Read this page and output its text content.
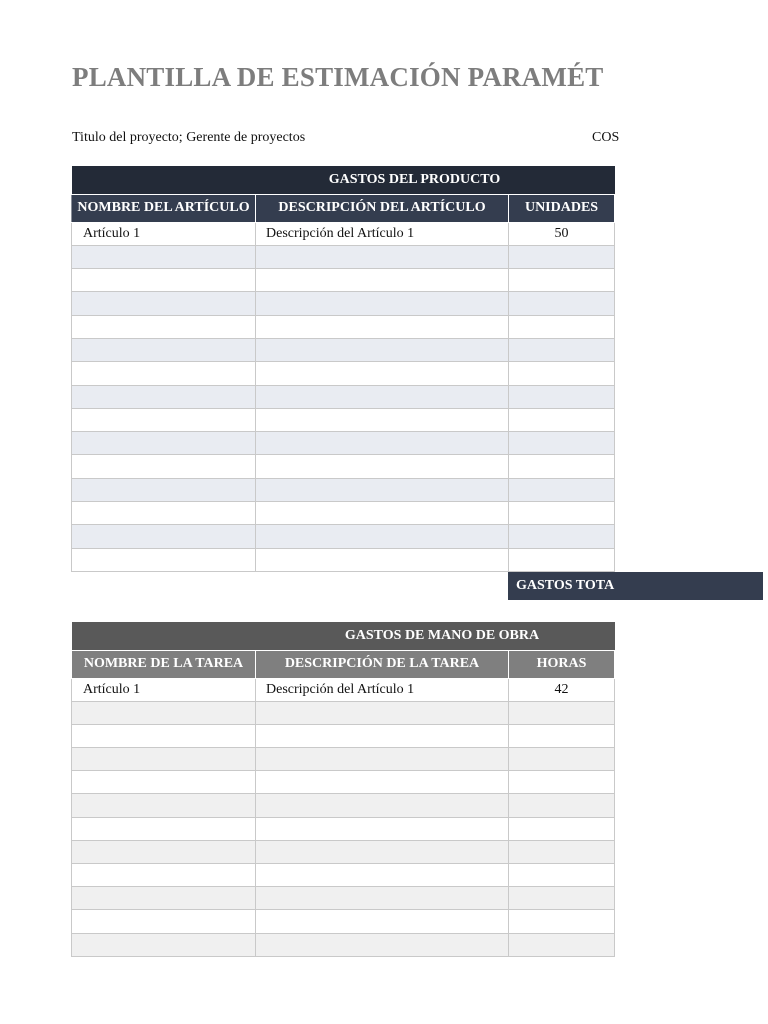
PLANTILLA DE ESTIMACIÓN PARAMÉT
Titulo del proyecto; Gerente de proyectos	COS
GASTOS DEL PRODUCTO		
NOMBRE DEL ARTÍCULO	DESCRIPCIÓN DEL ARTÍCULO	UNIDADES
Artículo 1	Descripción del Artículo 1	50

GASTOS TOTA
GASTOS DE MANO DE OBRA		
NOMBRE DE LA TAREA	DESCRIPCIÓN DE LA TAREA	HORAS
Artículo 1	Descripción del Artículo 1	42
